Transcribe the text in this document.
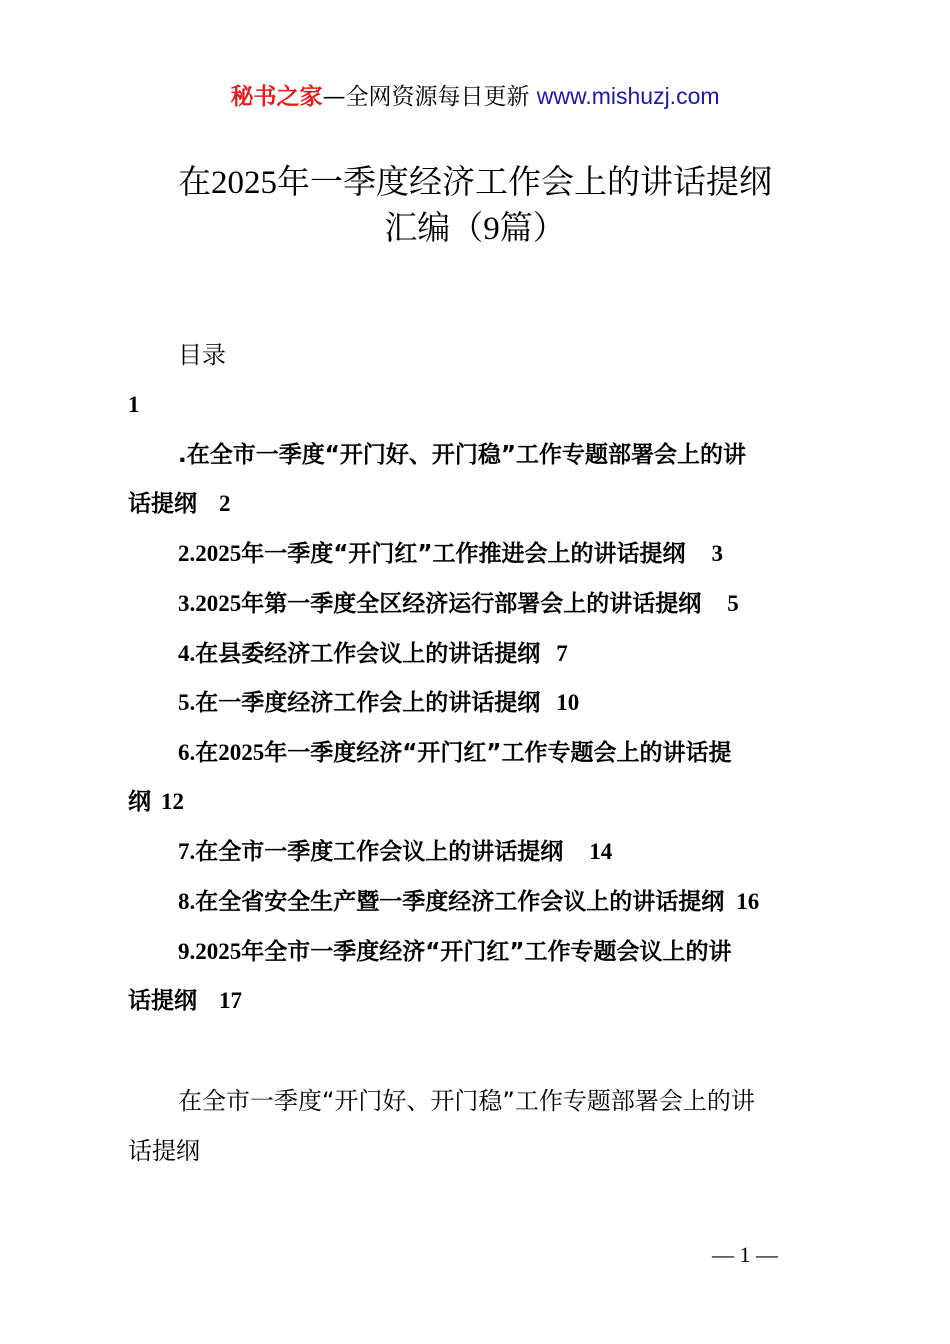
秘书之家—全网资源每日更新 www.mishuzj.com
在2025年一季度经济工作会上的讲话提纲
汇编（9篇）
目录
1
.在全市一季度“开门好、开门稳”工作专题部署会上的讲
话提纲 2
2.2025年一季度“开门红”工作推进会上的讲话提纲 3
3.2025年第一季度全区经济运行部署会上的讲话提纲 5
4.在县委经济工作会议上的讲话提纲 7
5.在一季度经济工作会上的讲话提纲 10
6.在2025年一季度经济“开门红”工作专题会上的讲话提
纲 12
7.在全市一季度工作会议上的讲话提纲 14
8.在全省安全生产暨一季度经济工作会议上的讲话提纲 16
9.2025年全市一季度经济“开门红”工作专题会议上的讲
话提纲 17
在全市一季度“开门好、开门稳”工作专题部署会上的讲
话提纲
— 1 —
